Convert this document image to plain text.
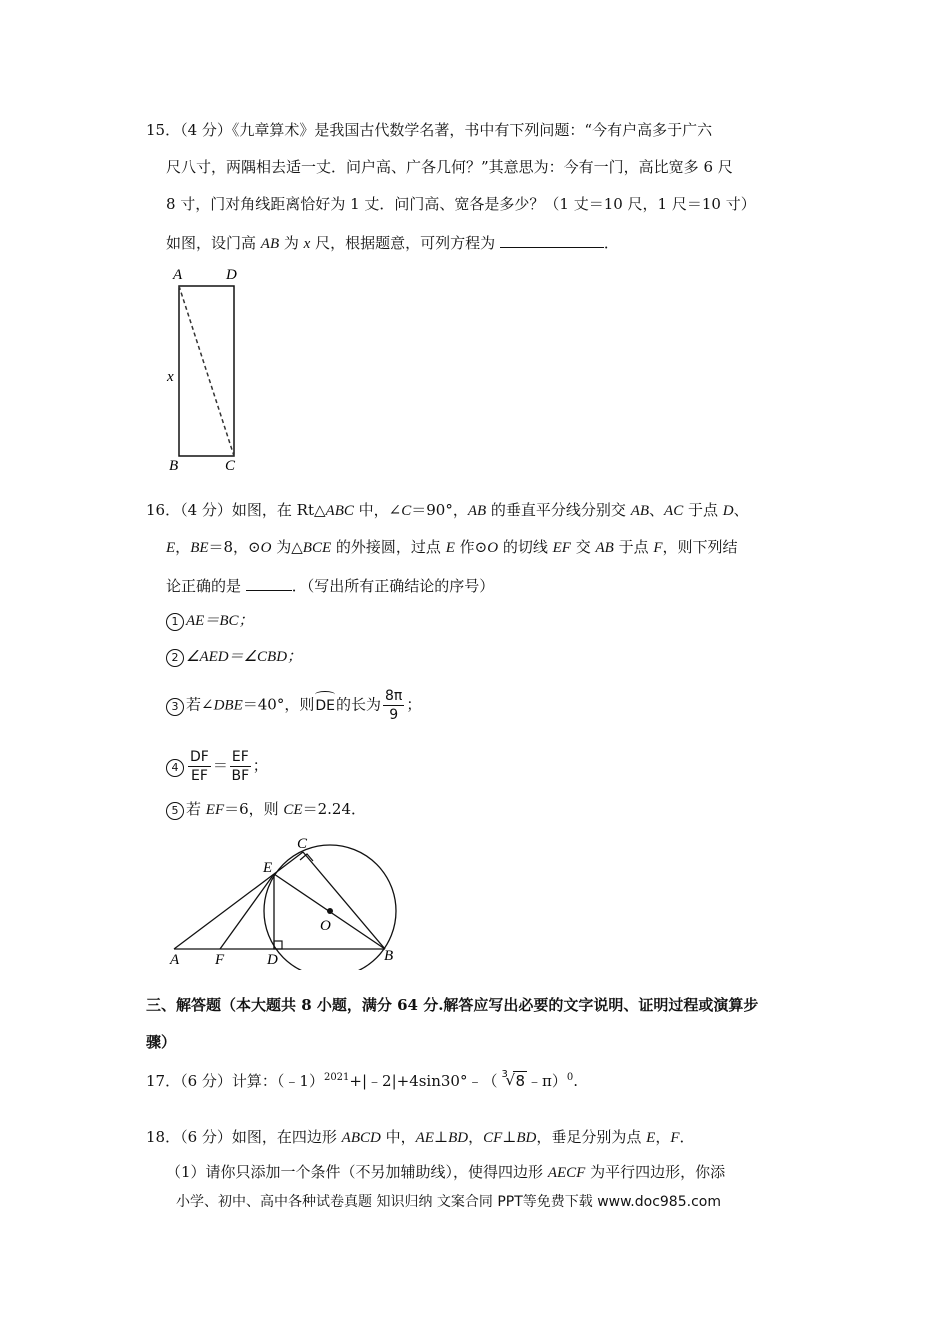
15．（4 分）《九章算术》是我国古代数学名著，书中有下列问题：“今有户高多于广六
尺八寸，两隅相去适一丈．问户高、广各几何？”其意思为：今有一门，高比宽多 6 尺
8 寸，门对角线距离恰好为 1 丈．问门高、宽各是多少？（1 丈＝10 尺，1 尺＝10 寸）
如图，设门高 AB 为 x 尺，根据题意，可列方程为	．
A	D
B	C
x
16．（4 分）如图，在 Rt△ABC 中，∠C＝90°，AB 的垂直平分线分别交 AB、AC 于点 D、
E，BE＝8，⊙O 为△BCE 的外接圆，过点 E 作⊙O 的切线 EF 交 AB 于点 F，则下列结
论正确的是	．（写出所有正确结论的序号）
1 AE＝BC；
2 ∠AED＝∠CBD；
3 若∠DBE＝40°，则DE的长为 $\frac{8\pi}{9}$ ；
$4 \frac{DF}{EF} = \frac{EF}{BF}$ ；
5 若 EF＝6，则 CE＝2.24．
C
E
O
A F	D	B
三、解答题（本大题共 8 小题，满分 64 分.解答应写出必要的文字说明、证明过程或演算步
骤）
17．（6 分）计算：（﹣1）$^{2021}$+|﹣2|+4sin30°﹣（
√ 3 8 ﹣π）$^0$.
18．（6 分）如图，在四边形 ABCD 中，AE⊥BD，CF⊥BD，垂足分别为点 E，F．
（1）请你只添加一个条件（不另加辅助线），使得四边形 AECF 为平行四边形，你添
小学、初中、高中各种试卷真题 知识归纳 文案合同 PPT等免费下载 www.doc985.com
